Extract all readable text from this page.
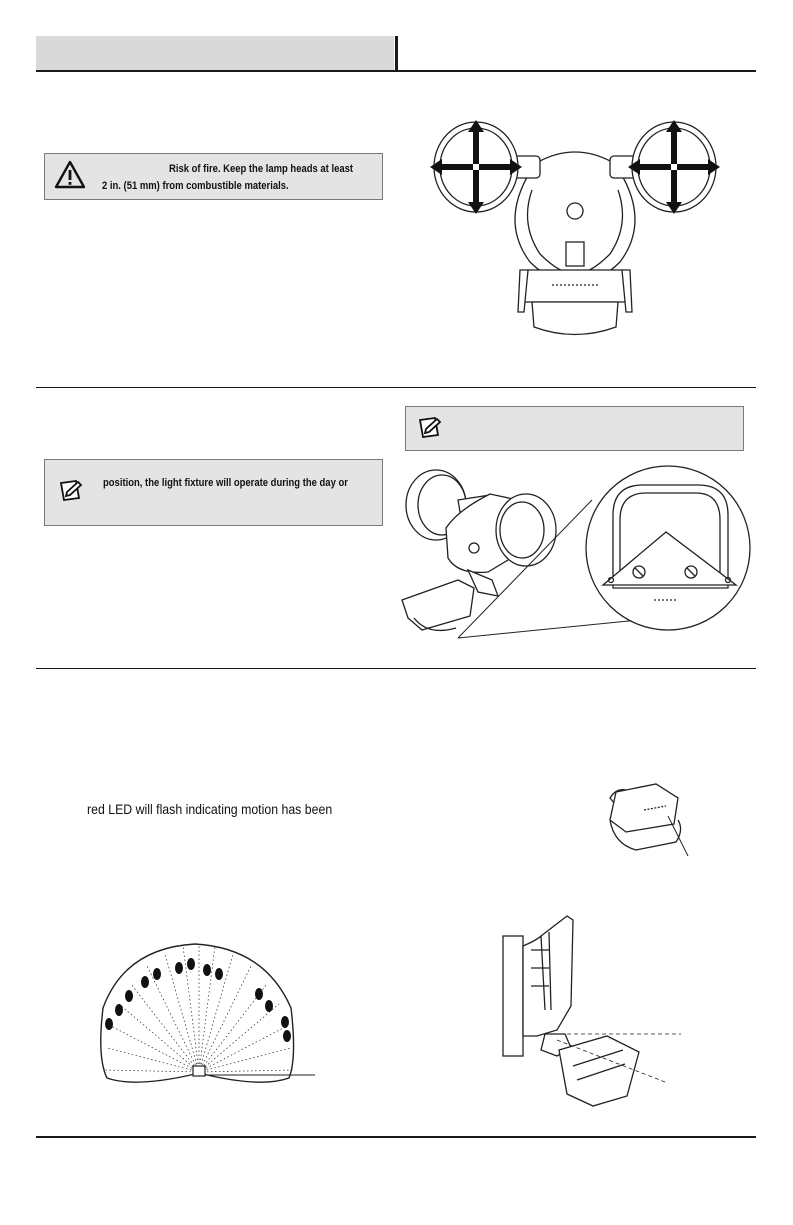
Risk of fire. Keep the lamp heads at least
2 in. (51 mm) from combustible materials.
position, the light fixture will operate during the day or
red LED will flash indicating motion has been
